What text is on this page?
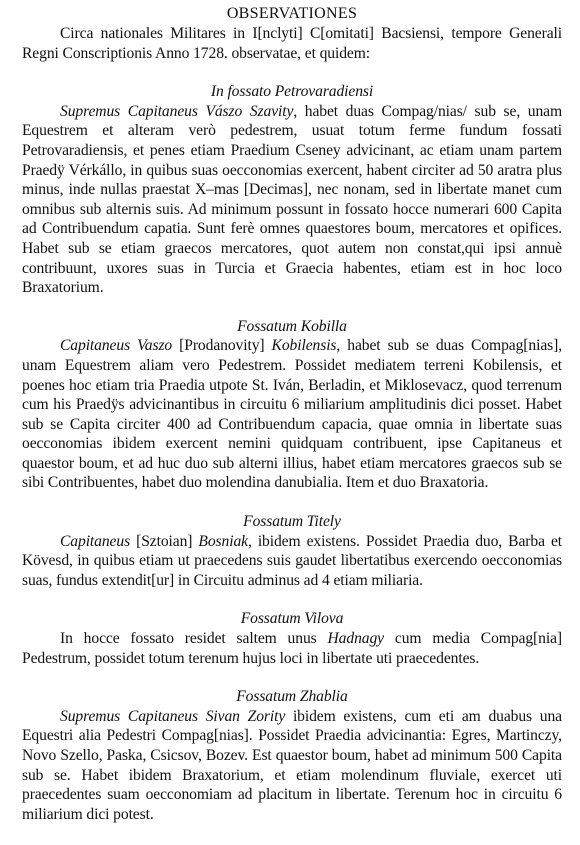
OBSERVATIONES

Circa nationales Militares in I[nclyti] C[omitati] Bacsiensi, tempore Generali Regni Conscriptionis Anno 1728. observatae, et quidem:

In fossato Petrovaradiensi

Supremus Capitaneus Vászo Szavity, habet duas Compag/nias/ sub se, unam Equestrem et alteram verò pedestrem, usuat totum ferme fundum fossati Petrovaradiensis, et penes etiam Praedium Cseney advicinant, ac etiam unam partem Praedÿ Vérkállo, in quibus suas oecconomias exercent, habent circiter ad 50 aratra plus minus, inde nullas praestat X–mas [Decimas], nec nonam, sed in libertate manet cum omnibus sub alternis suis. Ad minimum possunt in fossato hocce numerari 600 Capita ad Contribuendum capatia. Sunt ferè omnes quaestores boum, mercatores et opifices. Habet sub se etiam graecos mercatores, quot autem non constat,qui ipsi annuè contribuunt, uxores suas in Turcia et Graecia habentes, etiam est in hoc loco Braxatorium.

Fossatum Kobilla

Capitaneus Vaszo [Prodanovity] Kobilensis, habet sub se duas Compag[nias], unam Equestrem aliam vero Pedestrem. Possidet mediatem terreni Kobilensis, et poenes hoc etiam tria Praedia utpote St. Iván, Berladin, et Miklosevacz, quod terrenum cum his Praedÿs advicinantibus in circuitu 6 miliarium amplitudinis dici posset. Habet sub se Capita circiter 400 ad Contribuendum capacia, quae omnia in libertate suas oecconomias ibidem exercent nemini quidquam contribuent, ipse Capitaneus et quaestor boum, et ad huc duo sub alterni illius, habet etiam mercatores graecos sub se sibi Contribuentes, habet duo molendina danubialia. Item et duo Braxatoria.

Fossatum Titely

Capitaneus [Sztoian] Bosniak, ibidem existens. Possidet Praedia duo, Barba et Kövesd, in quibus etiam ut praecedens suis gaudet libertatibus exercendo oecconomias suas, fundus extendit[ur] in Circuitu adminus ad 4 etiam miliaria.

Fossatum Vilova

In hocce fossato residet saltem unus Hadnagy cum media Compag[nia] Pedestrum, possidet totum terenum hujus loci in libertate uti praecedentes.

Fossatum Zhablia

Supremus Capitaneus Sivan Zority ibidem existens, cum eti am duabus una Equestri alia Pedestri Compag[nias]. Possidet Praedia advicinantia: Egres, Martinczy, Novo Szello, Paska, Csicsov, Bozev. Est quaestor boum, habet ad minimum 500 Capita sub se. Habet ibidem Braxatorium, et etiam molendinum fluviale, exercet uti praecedentes suam oecconomiam ad placitum in libertate. Terenum hoc in circuitu 6 miliarium dici potest.
